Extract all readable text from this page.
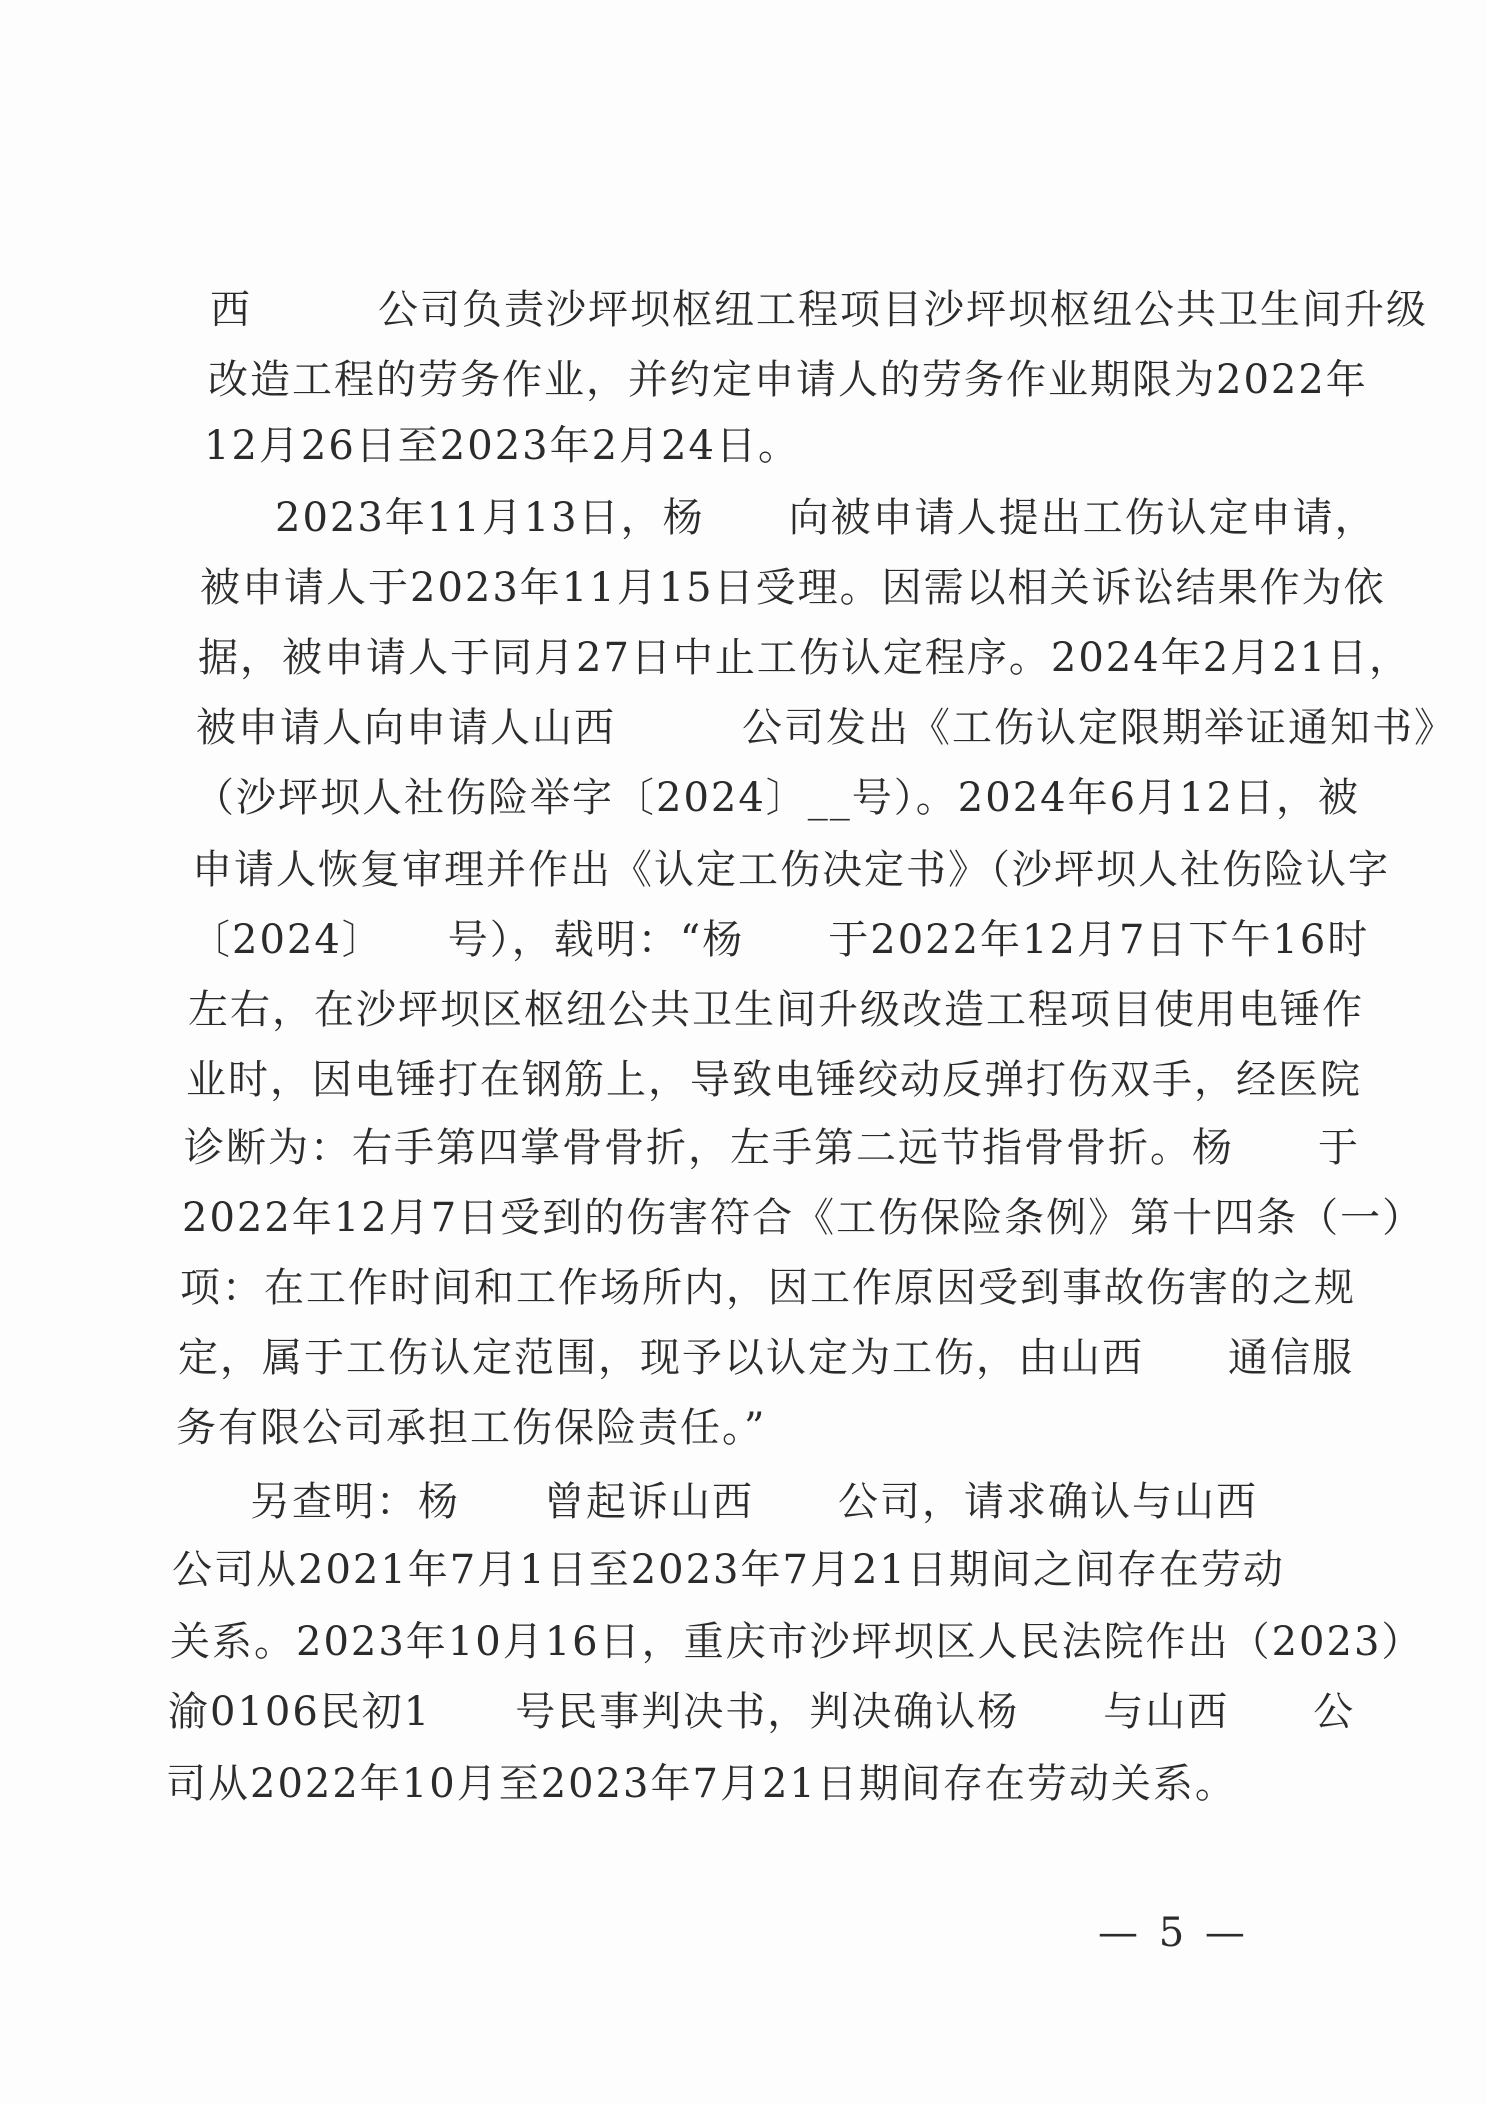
西　　　公司负责沙坪坝枢纽工程项目沙坪坝枢纽公共卫生间升级
改造工程的劳务作业，并约定申请人的劳务作业期限为2022年
12月26日至2023年2月24日。
2023年11月13日，杨　　向被申请人提出工伤认定申请，
被申请人于2023年11月15日受理。因需以相关诉讼结果作为依
据，被申请人于同月27日中止工伤认定程序。2024年2月21日，
被申请人向申请人山西　　　公司发出《工伤认定限期举证通知书》
（沙坪坝人社伤险举字〔2024〕__号）。2024年6月12日，被
申请人恢复审理并作出《认定工伤决定书》（沙坪坝人社伤险认字
〔2024〕　　号），载明：“杨　　于2022年12月7日下午16时
左右，在沙坪坝区枢纽公共卫生间升级改造工程项目使用电锤作
业时，因电锤打在钢筋上，导致电锤绞动反弹打伤双手，经医院
诊断为：右手第四掌骨骨折，左手第二远节指骨骨折。杨　　于
2022年12月7日受到的伤害符合《工伤保险条例》第十四条（一）
项：在工作时间和工作场所内，因工作原因受到事故伤害的之规
定，属于工伤认定范围，现予以认定为工伤，由山西　　通信服
务有限公司承担工伤保险责任。”
另查明：杨　　曾起诉山西　　公司，请求确认与山西
公司从2021年7月1日至2023年7月21日期间之间存在劳动
关系。2023年10月16日，重庆市沙坪坝区人民法院作出（2023）
渝0106民初1　　号民事判决书，判决确认杨　　与山西　　公
司从2022年10月至2023年7月21日期间存在劳动关系。
— 5 —
